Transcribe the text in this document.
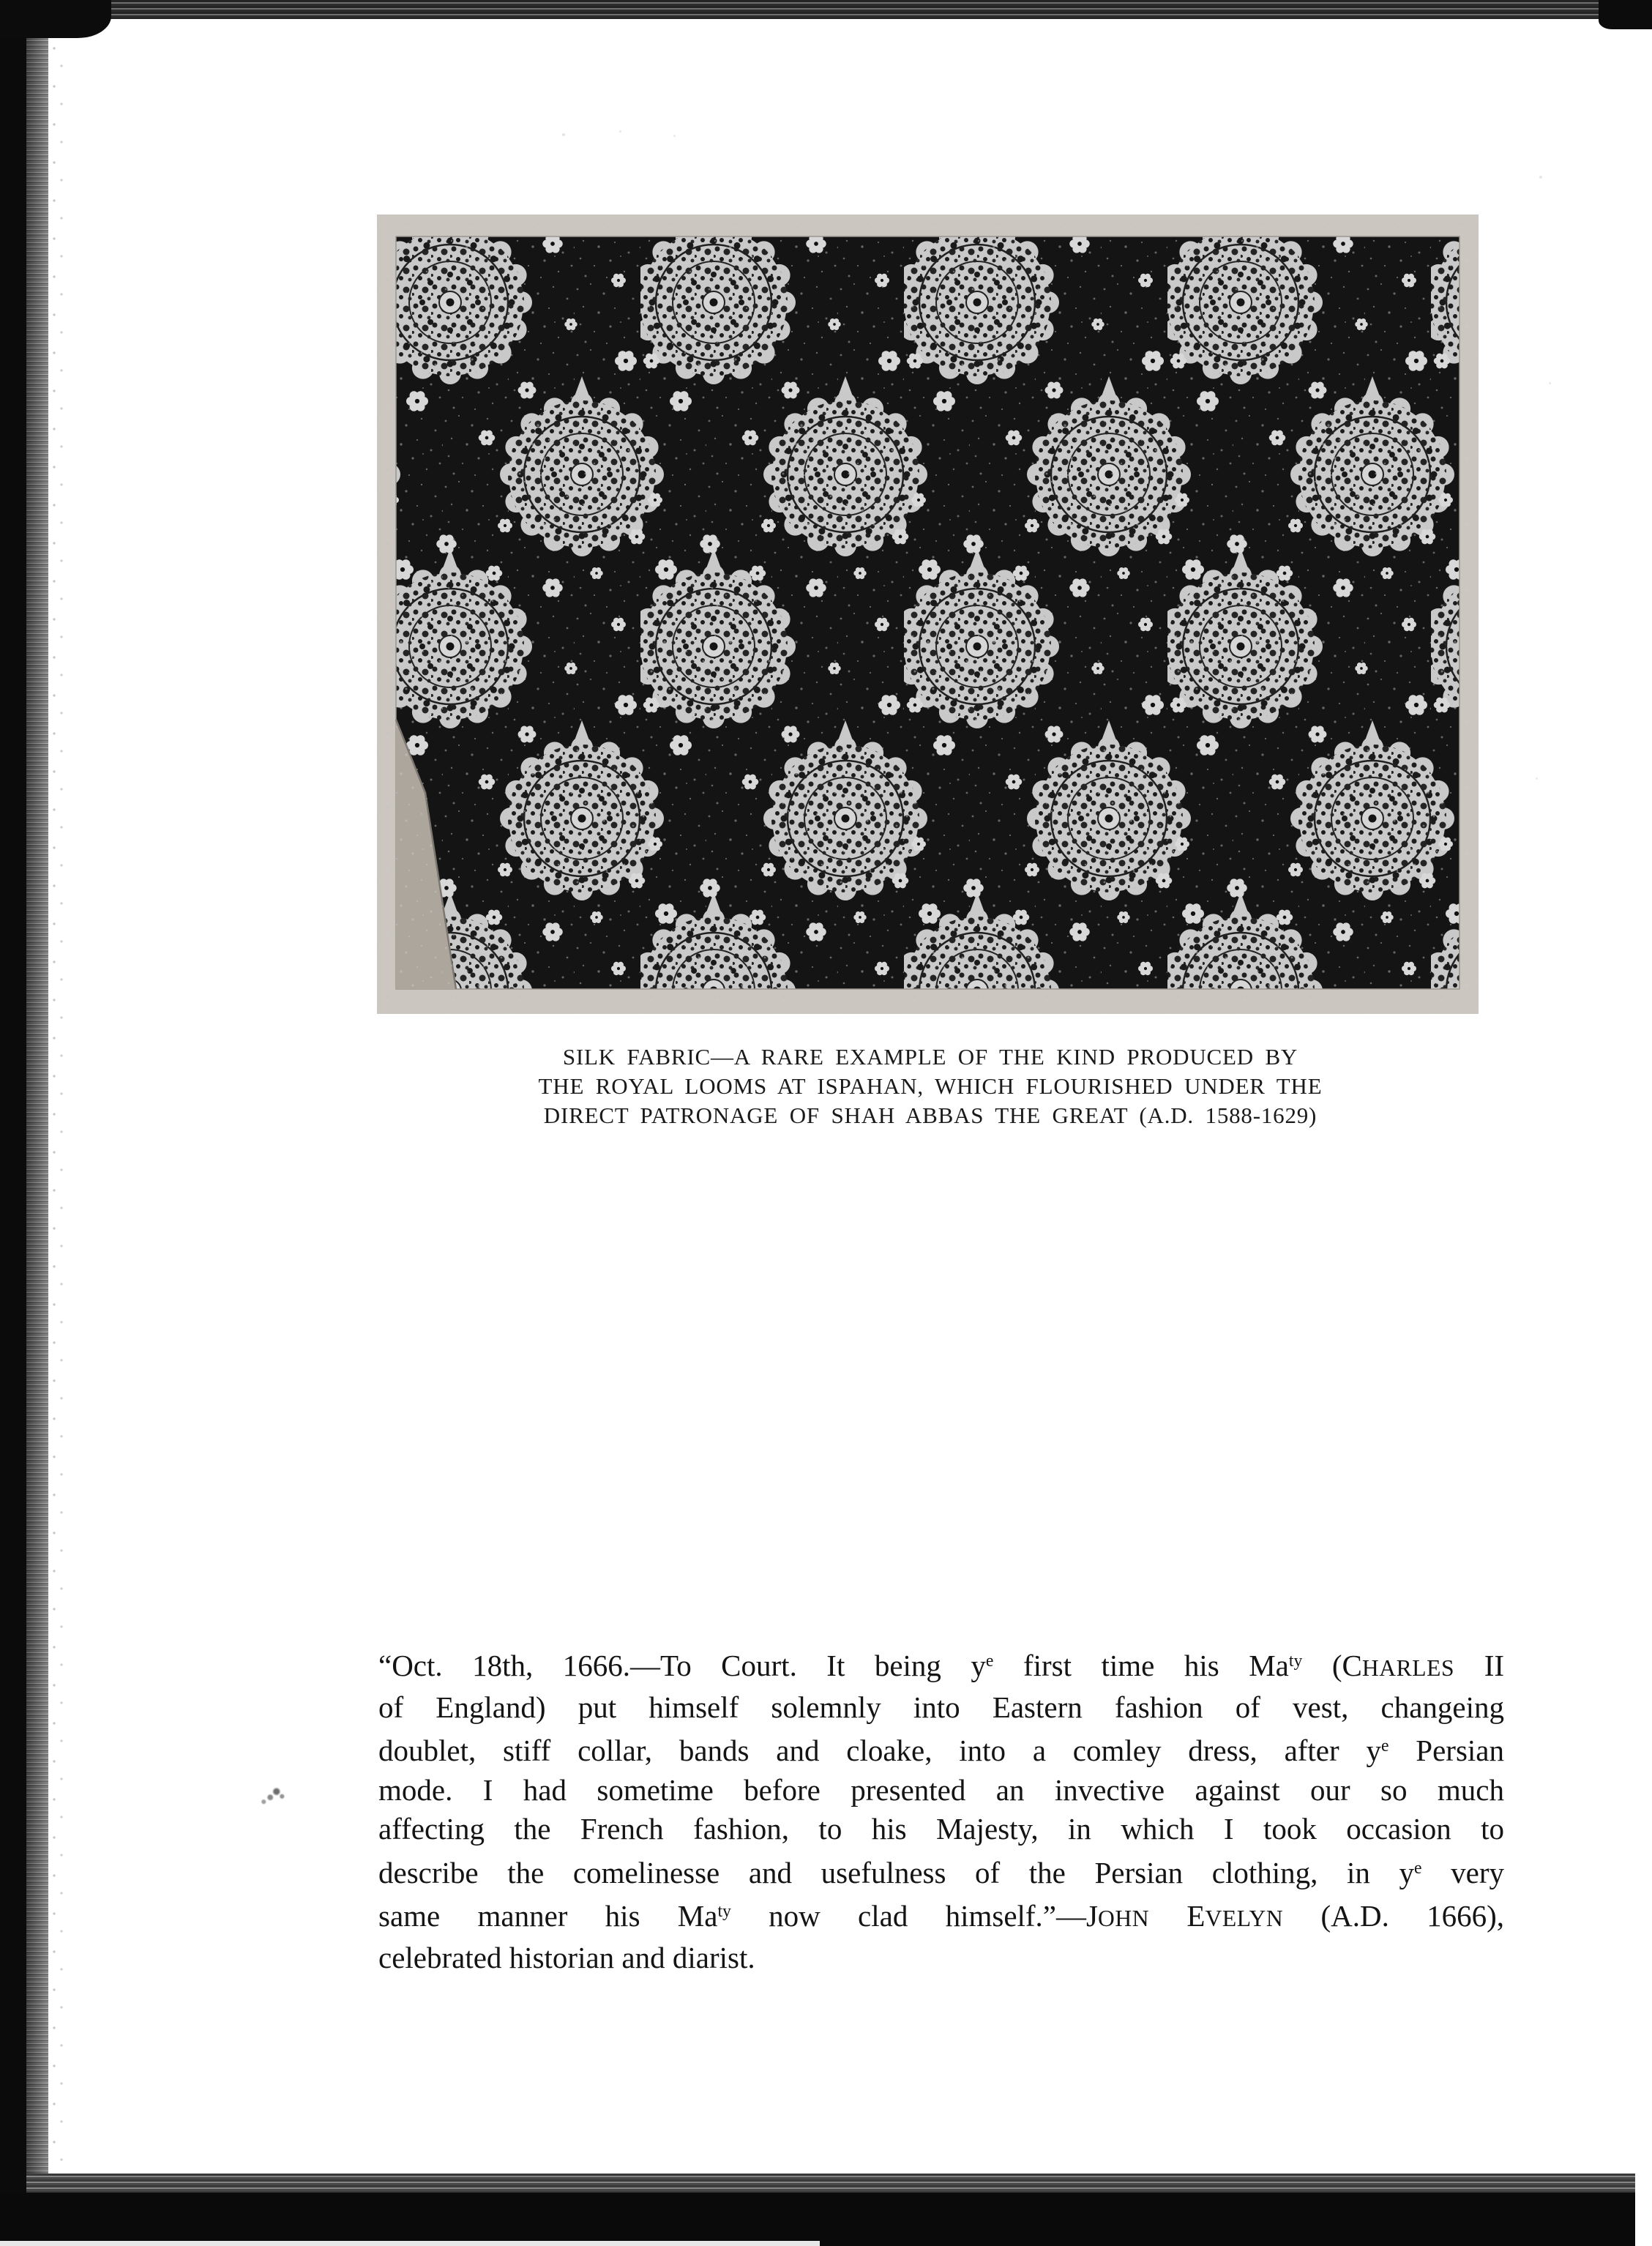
SILK FABRIC—A RARE EXAMPLE OF THE KIND PRODUCED BY
THE ROYAL LOOMS AT ISPAHAN, WHICH FLOURISHED UNDER THE
DIRECT PATRONAGE OF SHAH ABBAS THE GREAT (A.D. 1588-1629)
“Oct. 18th, 1666.—To Court. It being $y^e$ first time his $Ma^{ty}$ (CHARLES II
of England) put himself solemnly into Eastern fashion of vest, changeing
doublet, stiff collar, bands and cloake, into a comley dress, after $y^e$ Persian
mode. I had sometime before presented an invective against our so much
affecting the French fashion, to his Majesty, in which I took occasion to
describe the comelinesse and usefulness of the Persian clothing, in $y^e$ very
same manner his $Ma^{ty}$ now clad himself.”—JOHN EVELYN (A.D. 1666),
celebrated historian and diarist.
